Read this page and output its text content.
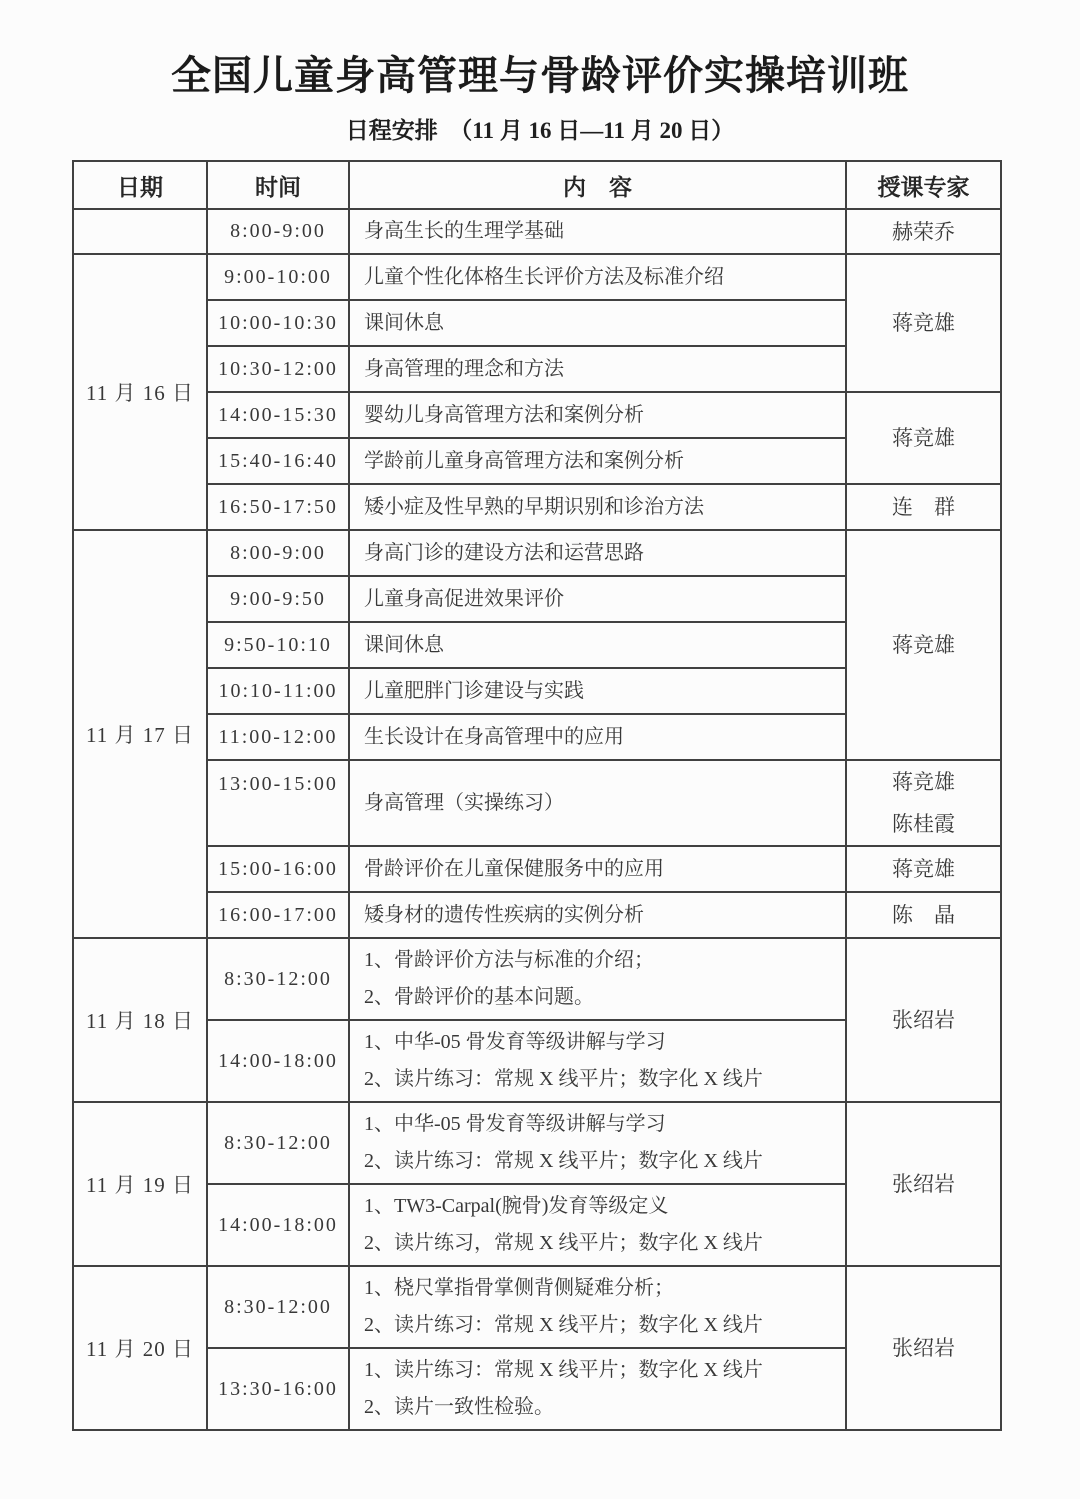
全国儿童身高管理与骨龄评价实操培训班
日程安排　（11 月 16 日—11 月 20 日）
日期	时间	内　容	授课专家
	8:00-9:00	身高生长的生理学基础	赫荣乔

11 月 16 日	9:00-10:00	儿童个性化体格生长评价方法及标准介绍	蒋竞雄

	10:00-10:30	课间休息	

	10:30-12:00	身高管理的理念和方法	

	14:00-15:30	婴幼儿身高管理方法和案例分析	蒋竞雄

	15:40-16:40	学龄前儿童身高管理方法和案例分析	

	16:50-17:50	矮小症及性早熟的早期识别和诊治方法	连　群

11 月 17 日	8:00-9:00	身高门诊的建设方法和运营思路	蒋竞雄

	9:00-9:50	儿童身高促进效果评价	

	9:50-10:10	课间休息	

	10:10-11:00	儿童肥胖门诊建设与实践	

	11:00-12:00	生长设计在身高管理中的应用	

	13:00-15:00	身高管理（实操练习）	蒋竞雄
陈桂霞

	15:00-16:00	骨龄评价在儿童保健服务中的应用	蒋竞雄

	16:00-17:00	矮身材的遗传性疾病的实例分析	陈　晶

11 月 18 日	8:30-12:00	1、骨龄评价方法与标准的介绍；
2、骨龄评价的基本问题。	张绍岩

	14:00-18:00	1、中华-05 骨发育等级讲解与学习
2、读片练习：常规 X 线平片；数字化 X 线片	

11 月 19 日	8:30-12:00	1、中华-05 骨发育等级讲解与学习
2、读片练习：常规 X 线平片；数字化 X 线片	张绍岩

	14:00-18:00	1、TW3-Carpal(腕骨)发育等级定义
2、读片练习，常规 X 线平片；数字化 X 线片	

11 月 20 日	8:30-12:00	1、桡尺掌指骨掌侧背侧疑难分析；
2、读片练习：常规 X 线平片；数字化 X 线片	张绍岩

	13:30-16:00	1、读片练习：常规 X 线平片；数字化 X 线片
2、读片一致性检验。	
